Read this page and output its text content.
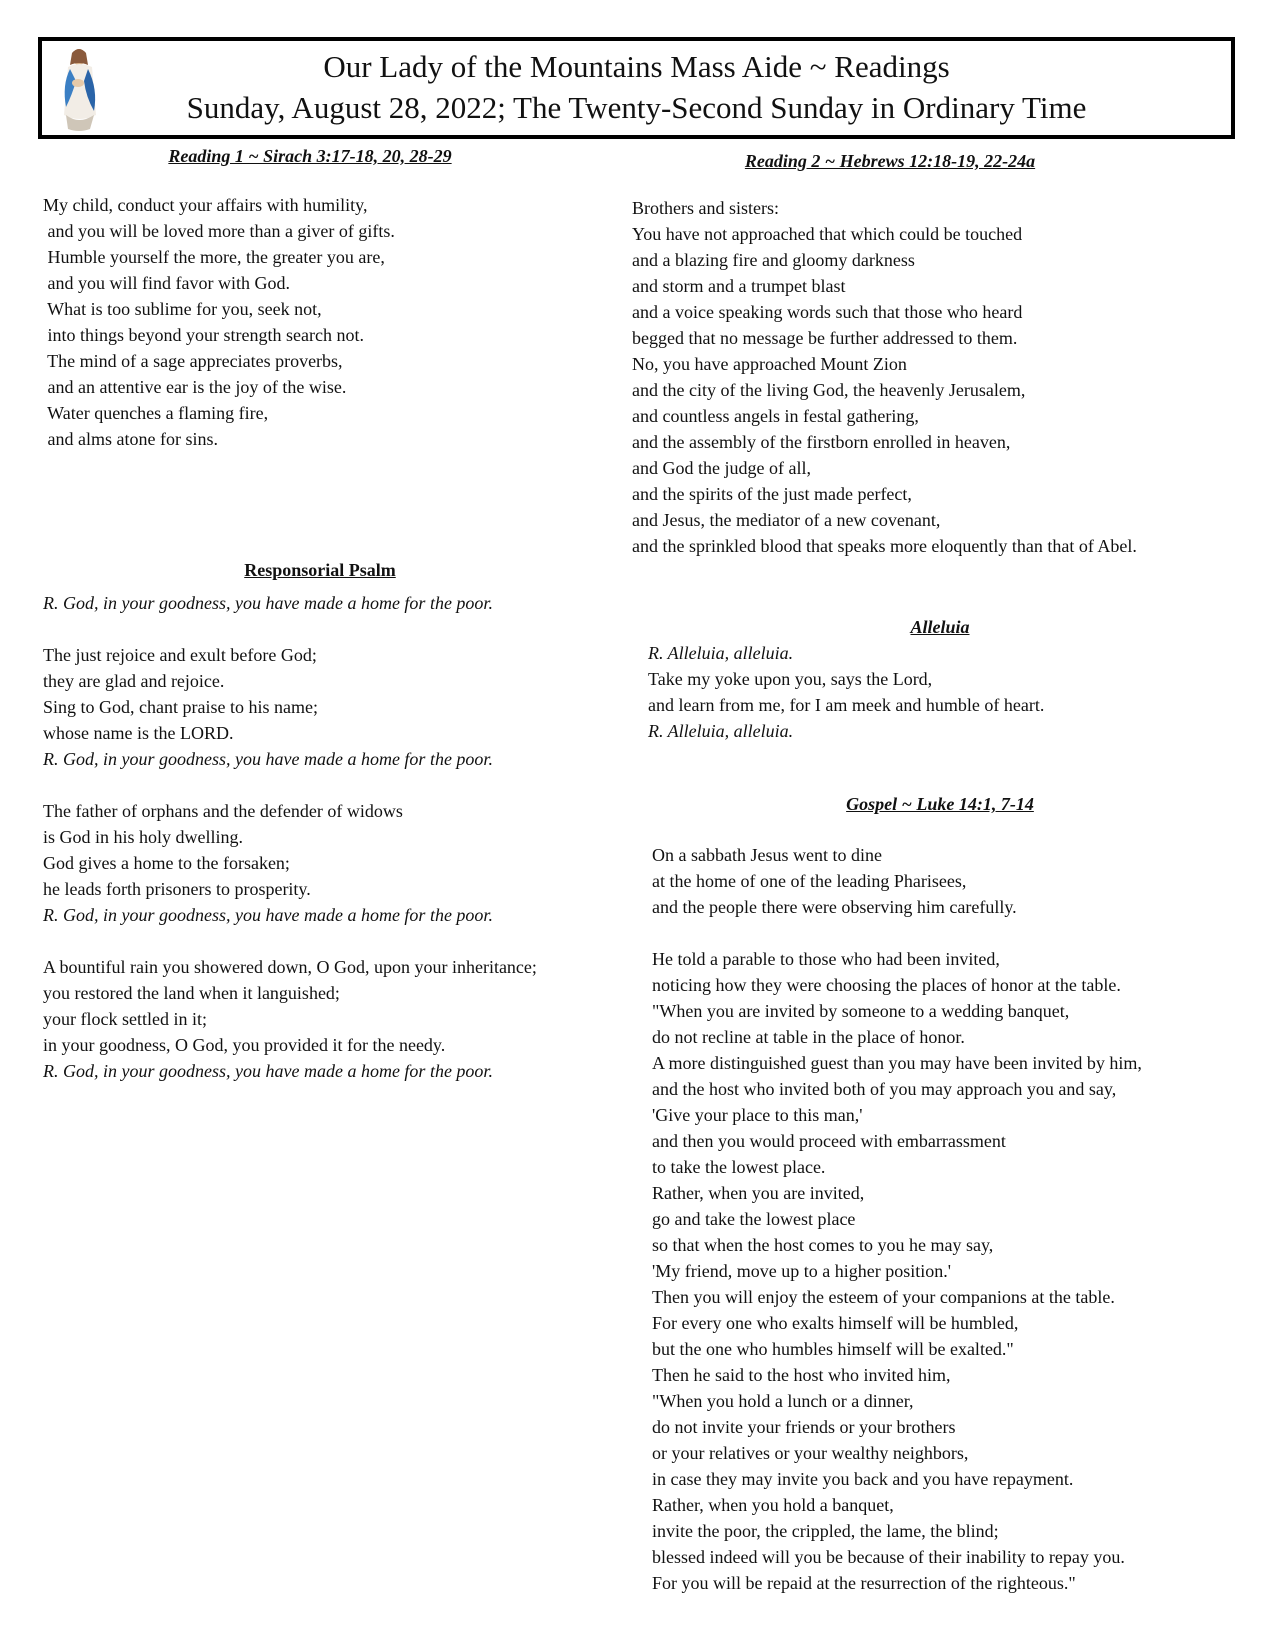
Our Lady of the Mountains Mass Aide ~ Readings
Sunday, August 28, 2022; The Twenty-Second Sunday in Ordinary Time
Reading 1 ~ Sirach 3:17-18, 20, 28-29
My child, conduct your affairs with humility,
and you will be loved more than a giver of gifts.
Humble yourself the more, the greater you are,
and you will find favor with God.
What is too sublime for you, seek not,
into things beyond your strength search not.
The mind of a sage appreciates proverbs,
and an attentive ear is the joy of the wise.
Water quenches a flaming fire,
and alms atone for sins.
Responsorial Psalm
R. God, in your goodness, you have made a home for the poor.
The just rejoice and exult before God;
they are glad and rejoice.
Sing to God, chant praise to his name;
whose name is the LORD.
R. God, in your goodness, you have made a home for the poor.
The father of orphans and the defender of widows
is God in his holy dwelling.
God gives a home to the forsaken;
he leads forth prisoners to prosperity.
R. God, in your goodness, you have made a home for the poor.
A bountiful rain you showered down, O God, upon your inheritance;
you restored the land when it languished;
your flock settled in it;
in your goodness, O God, you provided it for the needy.
R. God, in your goodness, you have made a home for the poor.
Reading 2 ~ Hebrews 12:18-19, 22-24a
Brothers and sisters:
You have not approached that which could be touched
and a blazing fire and gloomy darkness
and storm and a trumpet blast
and a voice speaking words such that those who heard
begged that no message be further addressed to them.
No, you have approached Mount Zion
and the city of the living God, the heavenly Jerusalem,
and countless angels in festal gathering,
and the assembly of the firstborn enrolled in heaven,
and God the judge of all,
and the spirits of the just made perfect,
and Jesus, the mediator of a new covenant,
and the sprinkled blood that speaks more eloquently than that of Abel.
Alleluia
R. Alleluia, alleluia.
Take my yoke upon you, says the Lord,
and learn from me, for I am meek and humble of heart.
R. Alleluia, alleluia.
Gospel ~ Luke 14:1, 7-14
On a sabbath Jesus went to dine
at the home of one of the leading Pharisees,
and the people there were observing him carefully.
He told a parable to those who had been invited,
noticing how they were choosing the places of honor at the table.
"When you are invited by someone to a wedding banquet,
do not recline at table in the place of honor.
A more distinguished guest than you may have been invited by him,
and the host who invited both of you may approach you and say,
'Give your place to this man,'
and then you would proceed with embarrassment
to take the lowest place.
Rather, when you are invited,
go and take the lowest place
so that when the host comes to you he may say,
'My friend, move up to a higher position.'
Then you will enjoy the esteem of your companions at the table.
For every one who exalts himself will be humbled,
but the one who humbles himself will be exalted."
Then he said to the host who invited him,
"When you hold a lunch or a dinner,
do not invite your friends or your brothers
or your relatives or your wealthy neighbors,
in case they may invite you back and you have repayment.
Rather, when you hold a banquet,
invite the poor, the crippled, the lame, the blind;
blessed indeed will you be because of their inability to repay you.
For you will be repaid at the resurrection of the righteous."
